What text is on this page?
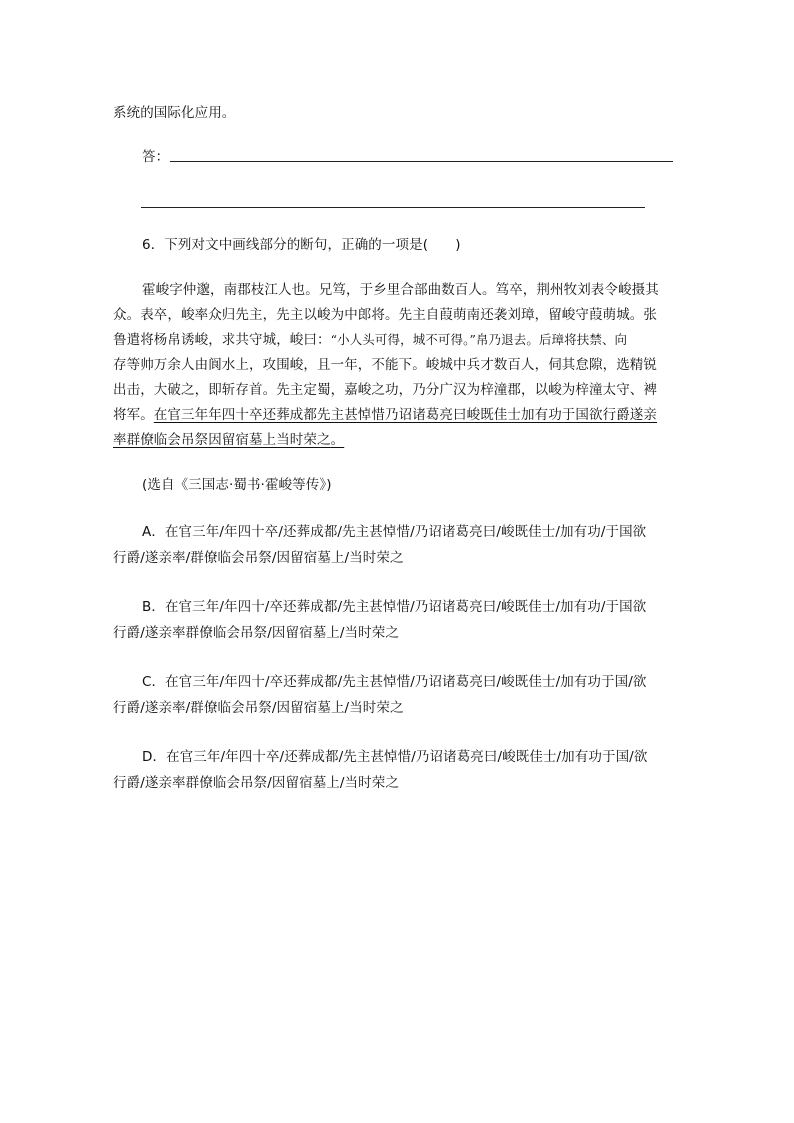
系统的国际化应用。
答：
6．下列对文中画线部分的断句，正确的一项是(　　)
霍峻字仲邈，南郡枝江人也。兄笃，于乡里合部曲数百人。笃卒，荆州牧刘表令峻摄其
众。表卒，峻率众归先主，先主以峻为中郎将。先主自葭萌南还袭刘璋，留峻守葭萌城。张
鲁遣将杨帛诱峻，求共守城，峻曰：“小人头可得，城不可得。”帛乃退去。后璋将扶禁、向
存等帅万余人由阆水上，攻围峻，且一年，不能下。峻城中兵才数百人，伺其怠隙，选精锐
出击，大破之，即斩存首。先主定蜀，嘉峻之功，乃分广汉为梓潼郡，以峻为梓潼太守、裨
将军。在官三年年四十卒还葬成都先主甚悼惜乃诏诸葛亮曰峻既佳士加有功于国欲行爵遂亲
率群僚临会吊祭因留宿墓上当时荣之。
(选自《三国志·蜀书·霍峻等传》)
A．在官三年/年四十卒/还葬成都/先主甚悼惜/乃诏诸葛亮曰/峻既佳士/加有功/于国欲
行爵/遂亲率/群僚临会吊祭/因留宿墓上/当时荣之
B．在官三年/年四十/卒还葬成都/先主甚悼惜/乃诏诸葛亮曰/峻既佳士/加有功/于国欲
行爵/遂亲率群僚临会吊祭/因留宿墓上/当时荣之
C．在官三年/年四十/卒还葬成都/先主甚悼惜/乃诏诸葛亮曰/峻既佳士/加有功于国/欲
行爵/遂亲率/群僚临会吊祭/因留宿墓上/当时荣之
D．在官三年/年四十卒/还葬成都/先主甚悼惜/乃诏诸葛亮曰/峻既佳士/加有功于国/欲
行爵/遂亲率群僚临会吊祭/因留宿墓上/当时荣之
